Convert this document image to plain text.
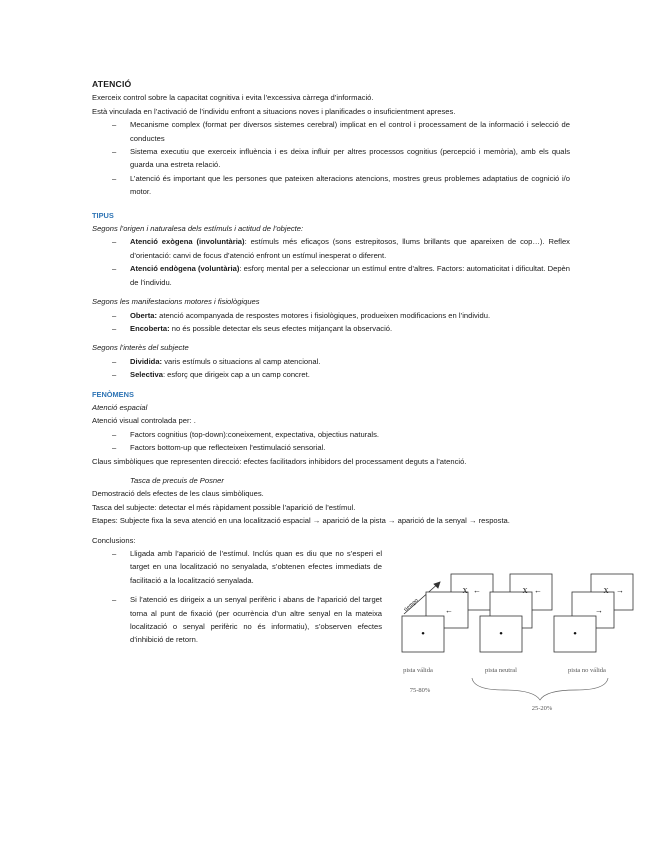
ATENCIÓ
Exerceix control sobre la capacitat cognitiva i evita l’excessiva càrrega d’informació.
Està vinculada en l’activació de l’individu enfront a situacions noves i planificades o insuficientment apreses.
– Mecanisme complex (format per diversos sistemes cerebral) implicat en el control i processament de la informació i selecció de conductes
– Sistema executiu que exerceix influència i es deixa influir per altres processos cognitius (percepció i memòria), amb els quals guarda una estreta relació.
– L’atenció és important que les persones que pateixen alteracions atencions, mostres greus problemes adaptatius de cognició i/o motor.
TIPUS
Segons l’origen i naturalesa dels estímuls i actitud de l’objecte:
– Atenció exògena (involuntària): estímuls més eficaços (sons estrepitosos, llums brillants que apareixen de cop…). Reflex d’orientació: canvi de focus d’atenció enfront un estímul inesperat o diferent.
– Atenció endògena (voluntària): esforç mental per a seleccionar un estímul entre d’altres. Factors: automaticitat i dificultat. Depèn de l’individu.
Segons les manifestacions motores i fisiològiques
– Oberta: atenció acompanyada de respostes motores i fisiològiques, produeixen modificacions en l’individu.
– Encoberta: no és possible detectar els seus efectes mitjançant la observació.
Segons l’interès del subjecte
– Dividida: varis estímuls o situacions al camp atencional.
– Selectiva: esforç que dirigeix cap a un camp concret.
FENÒMENS
Atenció espacial
Atenció visual controlada per: .
– Factors cognitius (top-down):coneixement, expectativa, objectius naturals.
– Factors bottom-up que reflecteixen l’estimulació sensorial.
Claus simbòliques que representen direcció: efectes facilitadors inhibidors del processament deguts a l’atenció.
Tasca de precuis de Posner
Demostració dels efectes de les claus simbòliques.
Tasca del subjecte: detectar el més ràpidament possible l’aparició de l’estímul.
Etapes: Subjecte fixa la seva atenció en una localització espacial → aparició de la pista → aparició de la senyal → resposta.
Conclusions:
– Lligada amb l’aparició de l’estímul. Inclús quan es diu que no s’esperi el target en una localització no senyalada, s’obtenen efectes immediats de facilitació a la localització senyalada.
– Si l’atenció es dirigeix a un senyal perifèric i abans de l’aparició del target torna al punt de fixació (per ocurrència d’un altre senyal en la mateixa localització o senyal perifèric no és informatiu), s’observen efectes d’inhibició de retorn.
tiempo
X ←	X ←	X →
←	→
•	•	•
pista válida	pista neutral	pista no válida
75-80%
25-20%
